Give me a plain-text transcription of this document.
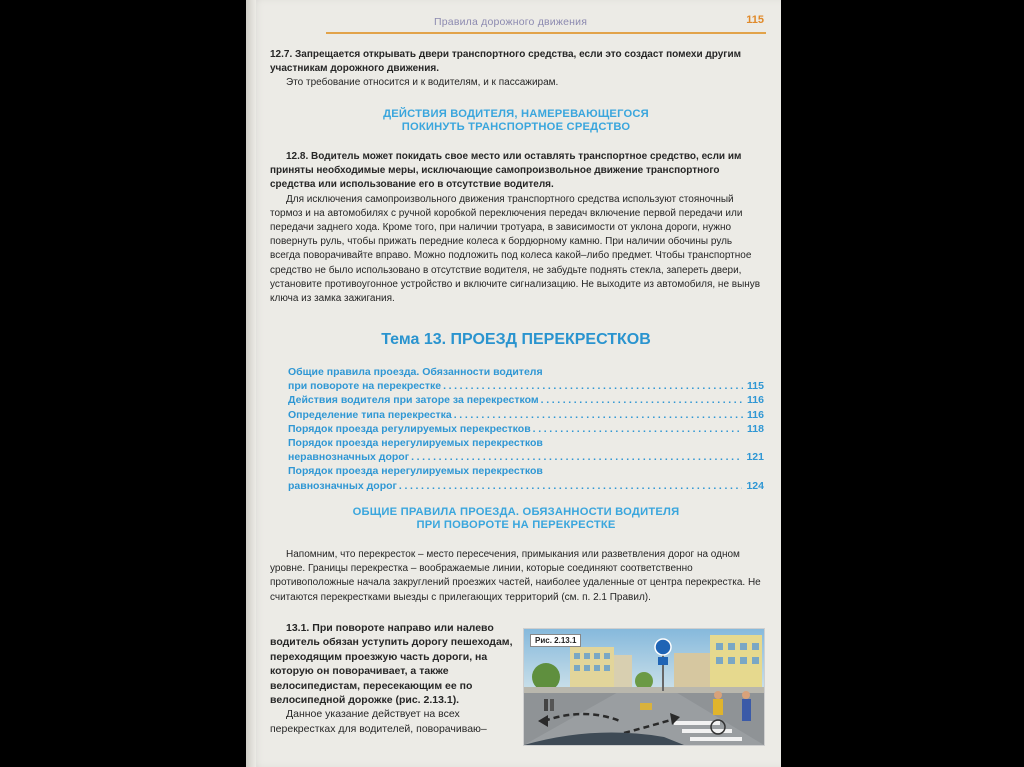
Правила дорожного движения	115
12.7. Запрещается открывать двери транспортного средства, если это создаст помехи другим участникам дорожного движения.
Это требование относится и к водителям, и к пассажирам.
ДЕЙСТВИЯ ВОДИТЕЛЯ, НАМЕРЕВАЮЩЕГОСЯ
ПОКИНУТЬ ТРАНСПОРТНОЕ СРЕДСТВО
12.8. Водитель может покидать свое место или оставлять транспортное средство, если им приняты необходимые меры, исключающие самопроизвольное движение транспортного средства или использование его в отсутствие водителя.
Для исключения самопроизвольного движения транспортного средства используют стояночный тормоз и на автомобилях с ручной коробкой переключения передач включение первой передачи или передачи заднего хода. Кроме того, при наличии тротуара, в зависимости от уклона дороги, нужно повернуть руль, чтобы прижать передние колеса к бордюрному камню. При наличии обочины руль всегда поворачивайте вправо. Можно подложить под колеса какой–либо предмет. Чтобы транспортное средство не было использовано в отсутствие водителя, не забудьте поднять стекла, запереть двери, установите противоугонное устройство и включите сигнализацию. Не выходите из автомобиля, не вынув ключа из замка зажигания.
Тема 13. ПРОЕЗД ПЕРЕКРЕСТКОВ
Общие правила проезда. Обязанности водителя
при повороте на перекрестке .....	115
Действия водителя при заторе за перекрестком .....	116
Определение типа перекрестка .....	116
Порядок проезда регулируемых перекрестков .....	118
Порядок проезда нерегулируемых перекрестков
неравнозначных дорог .....	121
Порядок проезда нерегулируемых перекрестков
равнозначных дорог .....	124
ОБЩИЕ ПРАВИЛА ПРОЕЗДА. ОБЯЗАННОСТИ ВОДИТЕЛЯ
ПРИ ПОВОРОТЕ НА ПЕРЕКРЕСТКЕ
Напомним, что перекресток – место пересечения, примыкания или разветвления дорог на одном уровне. Границы перекрестка – воображаемые линии, которые соединяют соответственно противоположные начала закруглений проезжих частей, наиболее удаленные от центра перекрестка. Не считаются перекрестками выезды с прилегающих территорий (см. п. 2.1 Правил).
13.1. При повороте направо или налево водитель обязан уступить дорогу пешеходам, переходящим проезжую часть дороги, на которую он поворачивает, а также велосипедистам, пересекающим ее по велосипедной дорожке (рис. 2.13.1).
Данное указание действует на всех перекрестках для водителей, поворачиваю–
Рис. 2.13.1
